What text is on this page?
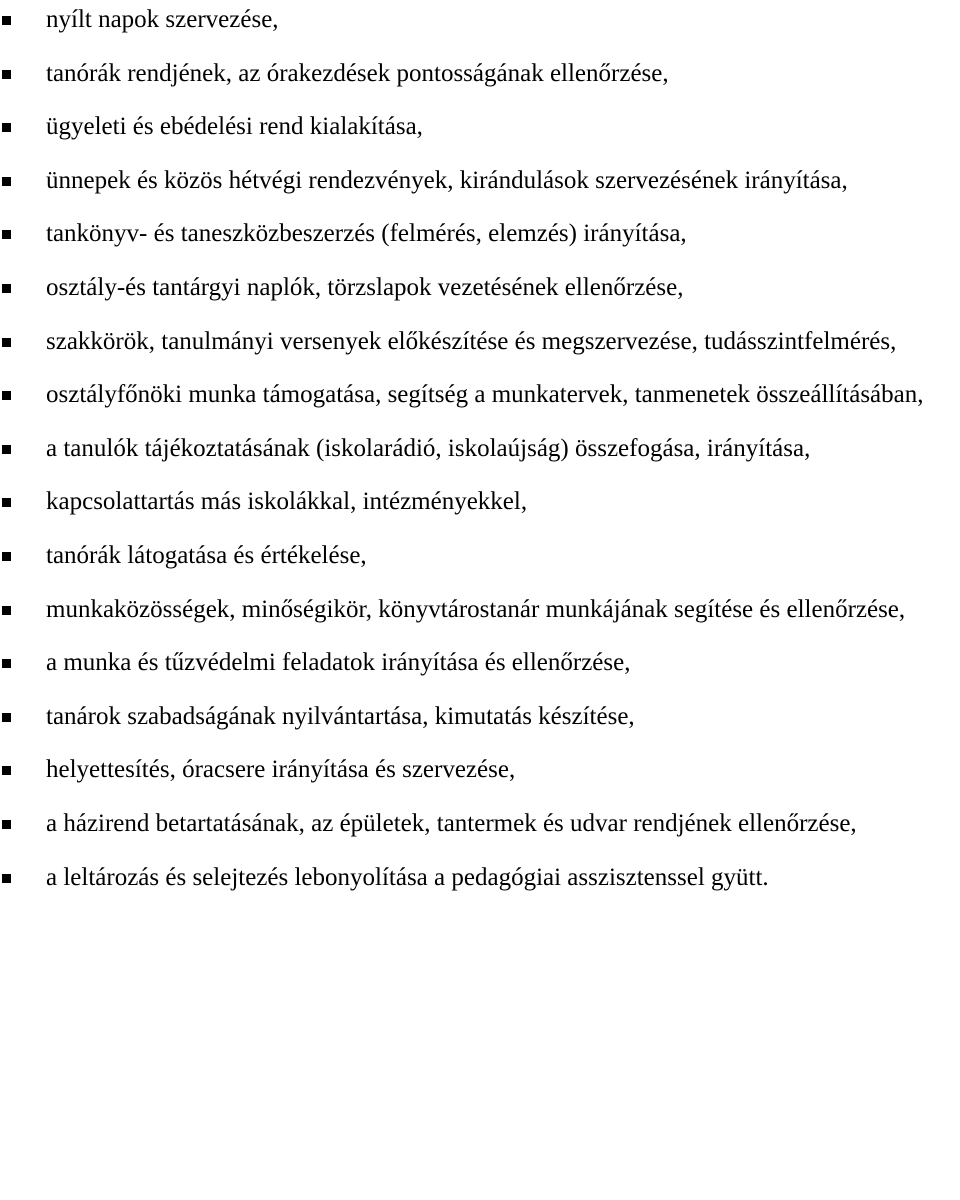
nyílt napok szervezése,
tanórák rendjének, az órakezdések pontosságának ellenőrzése,
ügyeleti és ebédelési rend kialakítása,
ünnepek és közös hétvégi rendezvények, kirándulások szervezésének irányítása,
tankönyv- és taneszközbeszerzés (felmérés, elemzés) irányítása,
osztály-és tantárgyi naplók, törzslapok vezetésének ellenőrzése,
szakkörök, tanulmányi versenyek előkészítése és megszervezése, tudásszintfelmérés,
osztályfőnöki munka támogatása, segítség a munkatervek, tanmenetek összeállításában,
a tanulók tájékoztatásának (iskolarádió, iskolaújság) összefogása, irányítása,
kapcsolattartás más iskolákkal, intézményekkel,
tanórák látogatása és értékelése,
munkaközösségek, minőségikör, könyvtárostanár munkájának segítése és ellenőrzése,
a munka és tűzvédelmi feladatok irányítása és ellenőrzése,
tanárok szabadságának nyilvántartása, kimutatás készítése,
helyettesítés, óracsere irányítása és szervezése,
a házirend betartatásának, az épületek, tantermek és udvar rendjének ellenőrzése,
a leltározás és selejtezés lebonyolítása a pedagógiai asszisztenssel gyütt.
